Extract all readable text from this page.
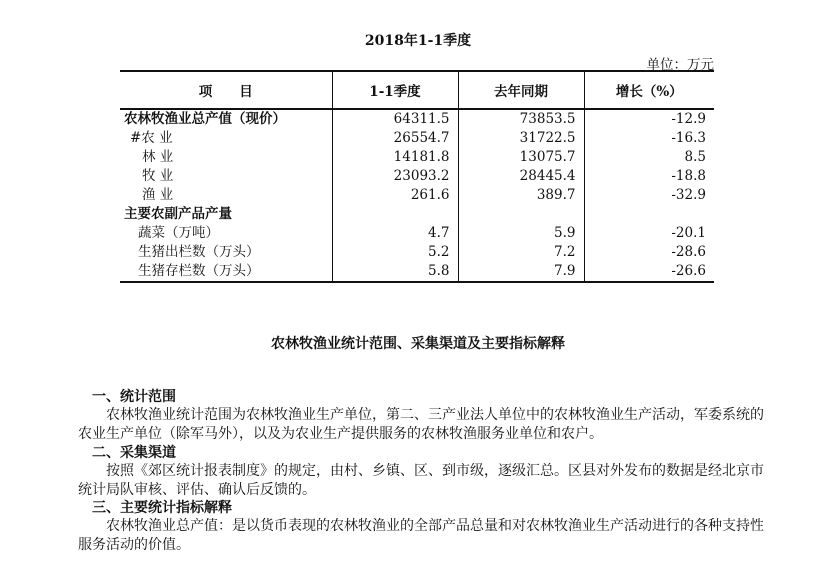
2018年1-1季度
单位：万元
项　　目	1-1季度	去年同期	增长（%）
农林牧渔业总产值（现价）	64311.5	73853.5	-12.9
#农 业	26554.7	31722.5	-16.3
林 业	14181.8	13075.7	8.5
牧 业	23093.2	28445.4	-18.8
渔 业	261.6	389.7	-32.9
主要农副产品产量			
蔬菜（万吨）	4.7	5.9	-20.1
生猪出栏数（万头）	5.2	7.2	-28.6
生猪存栏数（万头）	5.8	7.9	-26.6
农林牧渔业统计范围、采集渠道及主要指标解释
一、统计范围
　　农林牧渔业统计范围为农林牧渔业生产单位，第二、三产业法人单位中的农林牧渔业生产活动，军委系统的农业生产单位（除军马外），以及为农业生产提供服务的农林牧渔服务业单位和农户。
二、采集渠道
　　按照《郊区统计报表制度》的规定，由村、乡镇、区、到市级，逐级汇总。区县对外发布的数据是经北京市统计局队审核、评估、确认后反馈的。
三、主要统计指标解释
　　农林牧渔业总产值：是以货币表现的农林牧渔业的全部产品总量和对农林牧渔业生产活动进行的各种支持性服务活动的价值。
